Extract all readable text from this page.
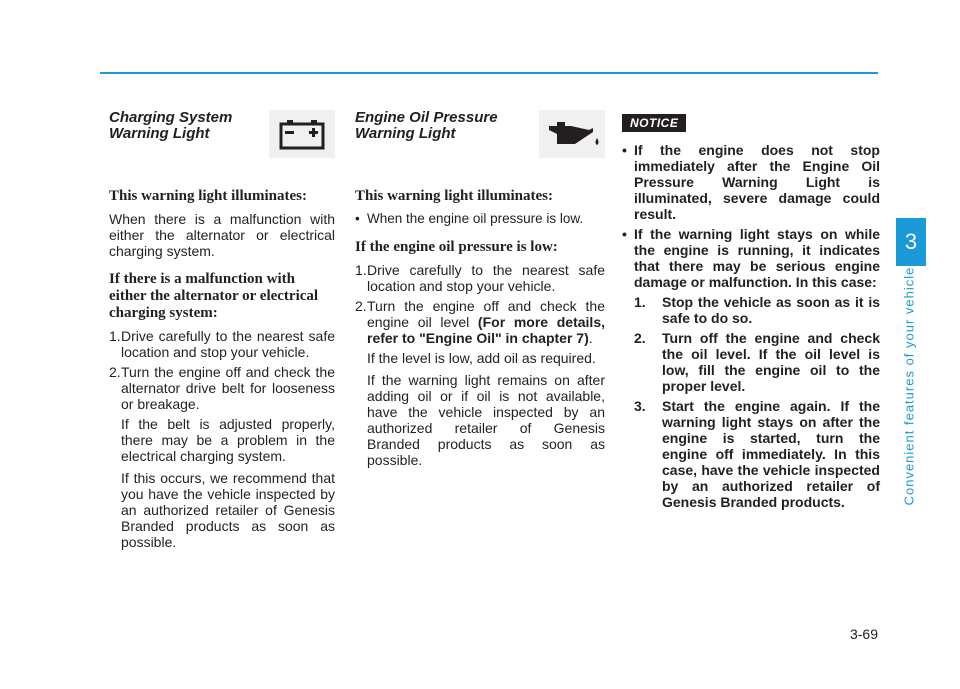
3
Convenient features of your vehicle
Charging System Warning Light
This warning light illuminates:

When there is a malfunction with either the alternator or electrical charging system.

If there is a malfunction with either the alternator or electrical charging system:
1. Drive carefully to the nearest safe location and stop your vehicle.
2. Turn the engine off and check the alternator drive belt for looseness or breakage.
If the belt is adjusted properly, there may be a problem in the electrical charging system.
If this occurs, we recommend that you have the vehicle inspected by an authorized retailer of Genesis Branded products as soon as possible.
Engine Oil Pressure Warning Light
This warning light illuminates:
• When the engine oil pressure is low.
If the engine oil pressure is low:
1. Drive carefully to the nearest safe location and stop your vehicle.
2. Turn the engine off and check the engine oil level (For more details, refer to "Engine Oil" in chapter 7).
If the level is low, add oil as required.
If the warning light remains on after adding oil or if oil is not available, have the vehicle inspected by an authorized retailer of Genesis Branded products as soon as possible.
NOTICE
• If the engine does not stop immediately after the Engine Oil Pressure Warning Light is illuminated, severe damage could result.
• If the warning light stays on while the engine is running, it indicates that there may be serious engine damage or malfunction. In this case:
1. Stop the vehicle as soon as it is safe to do so.
2. Turn off the engine and check the oil level. If the oil level is low, fill the engine oil to the proper level.
3. Start the engine again. If the warning light stays on after the engine is started, turn the engine off immediately. In this case, have the vehicle inspected by an authorized retailer of Genesis Branded products.
3-69
